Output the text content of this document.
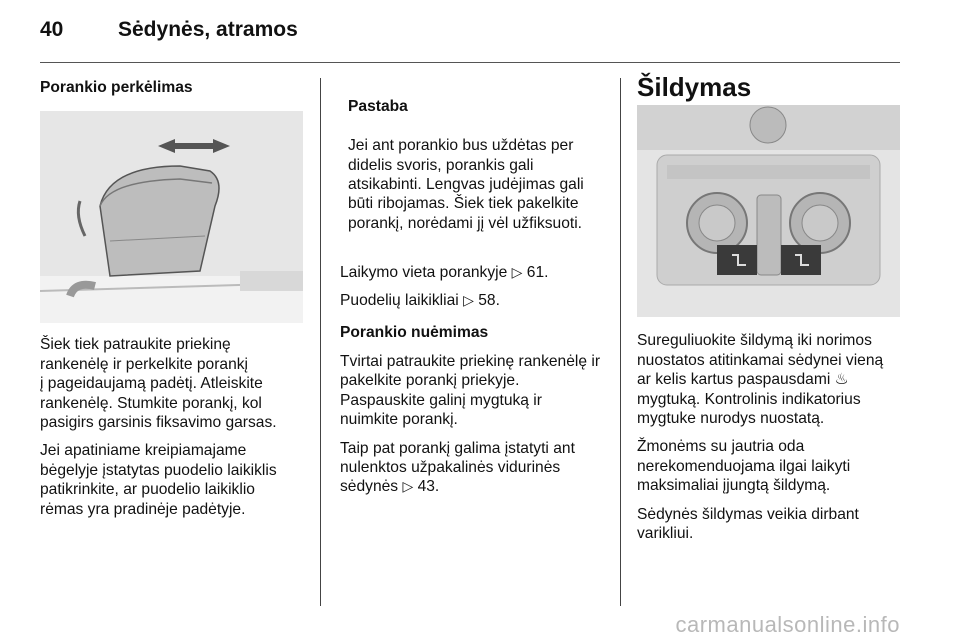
40	Sėdynės, atramos

Porankio perkėlimas

Šiek tiek patraukite priekinę
rankenėlę ir perkelkite porankį
į pageidaujamą padėtį. Atleiskite
rankenėlę. Stumkite porankį, kol
pasigirs garsinis fiksavimo garsas.

Jei apatiniame kreipiamajame
bėgelyje įstatytas puodelio laikiklis
patikrinkite, ar puodelio laikiklio
rėmas yra pradinėje padėtyje.

Pastaba

Jei ant porankio bus uždėtas per
didelis svoris, porankis gali
atsikabinti. Lengvas judėjimas gali
būti ribojamas. Šiek tiek pakelkite
porankį, norėdami jį vėl užfiksuoti.

Laikymo vieta porankyje ▷ 61.

Puodelių laikikliai ▷ 58.

Porankio nuėmimas

Tvirtai patraukite priekinę rankenėlę ir
pakelkite porankį priekyje.
Paspauskite galinį mygtuką ir
nuimkite porankį.

Taip pat porankį galima įstatyti ant
nulenktos užpakalinės vidurinės
sėdynės ▷ 43.

Šildymas

Sureguliuokite šildymą iki norimos
nuostatos atitinkamai sėdynei vieną
ar kelis kartus paspausdami ♨
mygtuką. Kontrolinis indikatorius
mygtuke nurodys nuostatą.

Žmonėms su jautria oda
nerekomenduojama ilgai laikyti
maksimaliai įjungtą šildymą.

Sėdynės šildymas veikia dirbant
varikliui.

carmanualsonline.info
